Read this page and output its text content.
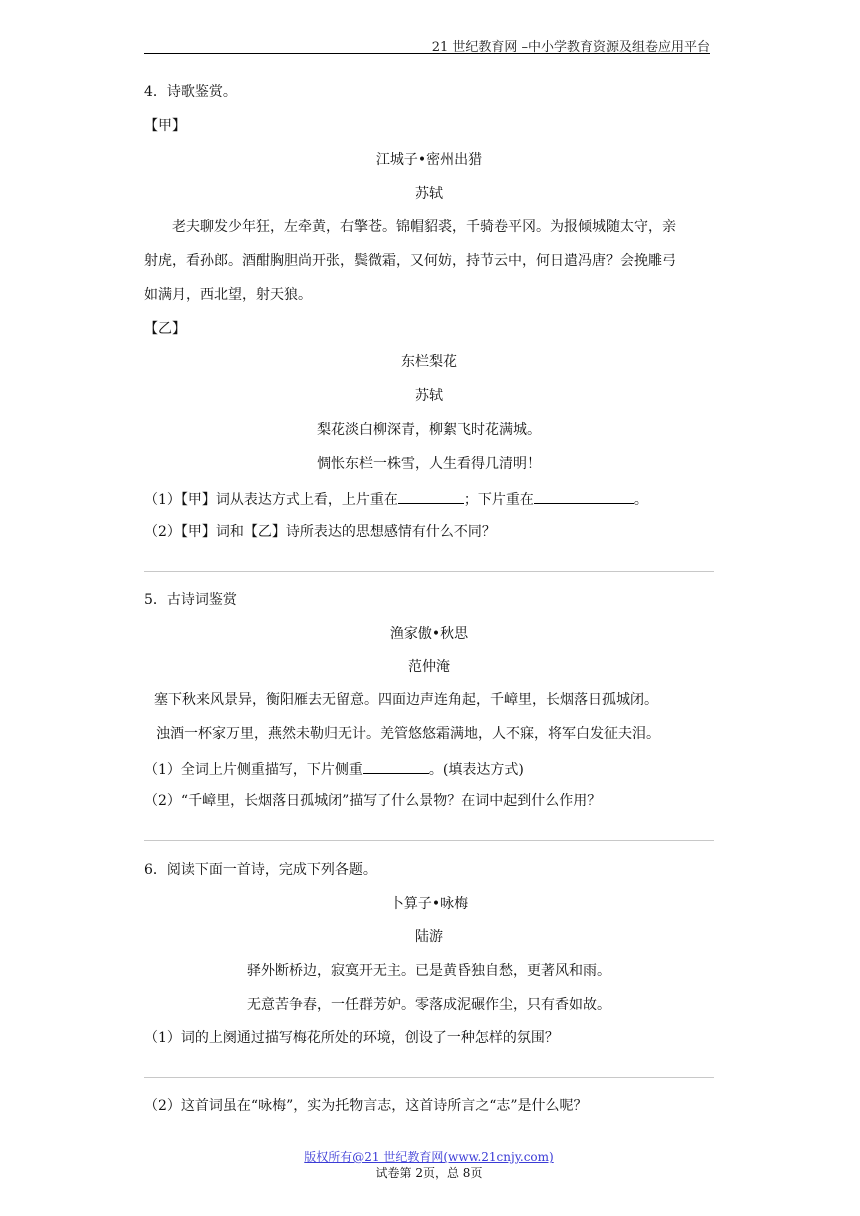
21 世纪教育网 –中小学教育资源及组卷应用平台
4．诗歌鉴赏。
【甲】
江城子•密州出猎
苏轼
老夫聊发少年狂，左牵黄，右擎苍。锦帽貂裘，千骑卷平冈。为报倾城随太守，亲
射虎，看孙郎。酒酣胸胆尚开张，鬓微霜，又何妨，持节云中，何日遣冯唐？会挽雕弓
如满月，西北望，射天狼。
【乙】
东栏梨花
苏轼
梨花淡白柳深青，柳絮飞时花满城。
惆怅东栏一株雪，人生看得几清明！
（1）【甲】词从表达方式上看，上片重在	；下片重在	。
（2）【甲】词和【乙】诗所表达的思想感情有什么不同？
5．古诗词鉴赏
渔家傲•秋思
范仲淹
塞下秋来风景异，衡阳雁去无留意。四面边声连角起，千嶂里，长烟落日孤城闭。
浊酒一杯家万里，燕然未勒归无计。羌管悠悠霜满地，人不寐，将军白发征夫泪。
（1）全词上片侧重描写，下片侧重	。(填表达方式)
（2）“千嶂里，长烟落日孤城闭”描写了什么景物？在词中起到什么作用？
6．阅读下面一首诗，完成下列各题。
卜算子•咏梅
陆游
驿外断桥边，寂寞开无主。已是黄昏独自愁，更著风和雨。
无意苦争春，一任群芳妒。零落成泥碾作尘，只有香如故。
（1）词的上阕通过描写梅花所处的环境，创设了一种怎样的氛围？
（2）这首词虽在“咏梅”，实为托物言志，这首诗所言之“志”是什么呢？
版权所有@21 世纪教育网(www.21cnjy.com)
试卷第 2页，总 8页
